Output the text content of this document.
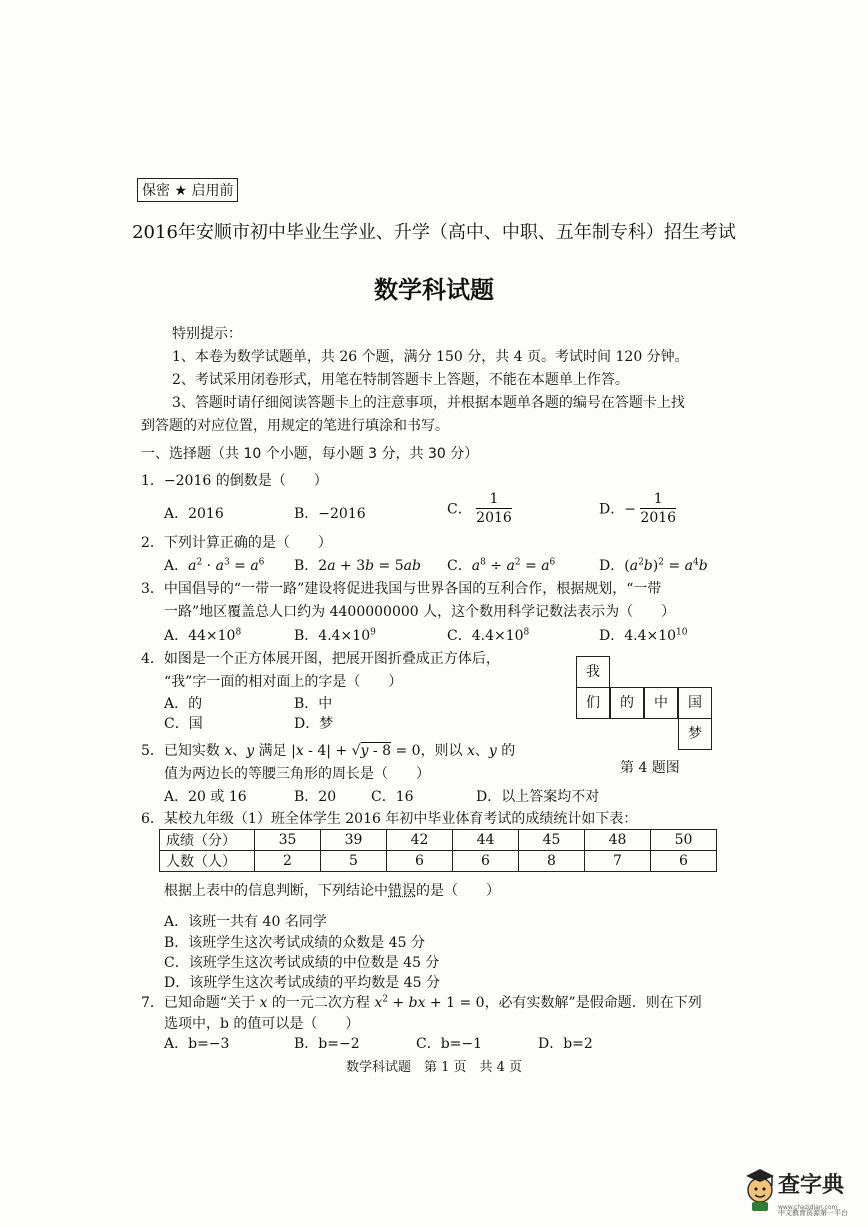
保密 ★ 启用前
2016年安顺市初中毕业生学业、升学（高中、中职、五年制专科）招生考试
数学科试题
特别提示：
1、本卷为数学试题单，共 26 个题，满分 150 分，共 4 页。考试时间 120 分钟。
2、考试采用闭卷形式，用笔在特制答题卡上答题，不能在本题单上作答。
3、答题时请仔细阅读答题卡上的注意事项，并根据本题单各题的编号在答题卡上找
到答题的对应位置，用规定的笔进行填涂和书写。
一、选择题（共 10 个小题，每小题 3 分，共 30 分）
1．−2016 的倒数是（　　）
A．2016	B．−2016	C． $\frac{1}{2016}$	D．− $\frac{1}{2016}$
2．下列计算正确的是（　　）
A．$a^2 \cdot a^3 = a^6$ B．2a + 3b = 5ab C．$a^8 \div a^2 = a^6$	D．$(a^2b)^2 = a^4b$
3．中国倡导的“一带一路”建设将促进我国与世界各国的互利合作，根据规划，“一带
一路”地区覆盖总人口约为 4400000000 人，这个数用科学记数法表示为（　　）
A．$44\times 10^8$	B．$4.4\times 10^9$	C．$4.4\times 10^8$	D．$4.4\times 10^{10}$
4．如图是一个正方体展开图，把展开图折叠成正方体后，
“我”字一面的相对面上的字是（　　）
A．的	B．中
C．国	D．梦
我
们	的	中	国
梦
第 4 题图
5．已知实数 x、y 满足 |x - 4| + √y - 8 = 0，则以 x、y 的
值为两边长的等腰三角形的周长是（　　）
A．20 或 16	B．20 C．16	D．以上答案均不对
6．某校九年级（1）班全体学生 2016 年初中毕业体育考试的成绩统计如下表：
成绩（分）	35	39	42	44	45	48	50
人数（人）	2	5	6	6	8	7	6
根据上表中的信息判断，下列结论中错误的是（　　）
A．该班一共有 40 名同学
B．该班学生这次考试成绩的众数是 45 分
C．该班学生这次考试成绩的中位数是 45 分
D．该班学生这次考试成绩的平均数是 45 分
7．已知命题“关于 x 的一元二次方程 $x^2$ + bx + 1 = 0，必有实数解”是假命题．则在下列
选项中，b 的值可以是（　　）
A．b=−3	B．b=−2	C．b=−1	D．b=2
数学科试题　第 1 页　共 4 页
查字典
www.chazidian.com
中文教育资源第一平台
